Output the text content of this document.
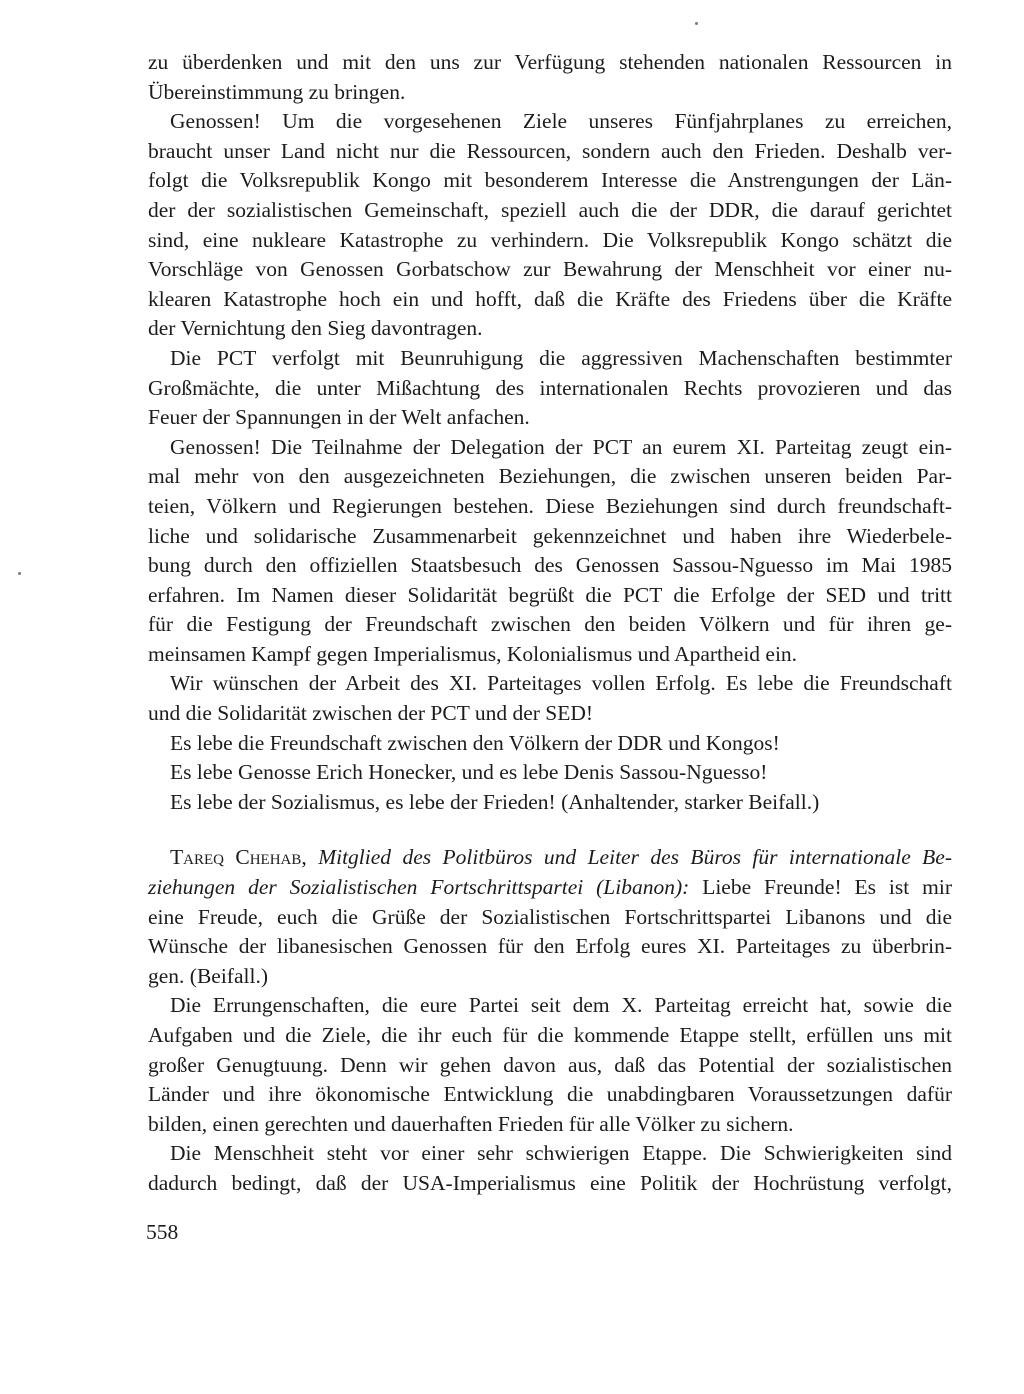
zu überdenken und mit den uns zur Verfügung stehenden nationalen Ressourcen in
Übereinstimmung zu bringen.
Genossen! Um die vorgesehenen Ziele unseres Fünfjahrplanes zu erreichen,
braucht unser Land nicht nur die Ressourcen, sondern auch den Frieden. Deshalb ver-
folgt die Volksrepublik Kongo mit besonderem Interesse die Anstrengungen der Län-
der der sozialistischen Gemeinschaft, speziell auch die der DDR, die darauf gerichtet
sind, eine nukleare Katastrophe zu verhindern. Die Volksrepublik Kongo schätzt die
Vorschläge von Genossen Gorbatschow zur Bewahrung der Menschheit vor einer nu-
klearen Katastrophe hoch ein und hofft, daß die Kräfte des Friedens über die Kräfte
der Vernichtung den Sieg davontragen.
Die PCT verfolgt mit Beunruhigung die aggressiven Machenschaften bestimmter
Großmächte, die unter Mißachtung des internationalen Rechts provozieren und das
Feuer der Spannungen in der Welt anfachen.
Genossen! Die Teilnahme der Delegation der PCT an eurem XI. Parteitag zeugt ein-
mal mehr von den ausgezeichneten Beziehungen, die zwischen unseren beiden Par-
teien, Völkern und Regierungen bestehen. Diese Beziehungen sind durch freundschaft-
liche und solidarische Zusammenarbeit gekennzeichnet und haben ihre Wiederbele-
bung durch den offiziellen Staatsbesuch des Genossen Sassou-Nguesso im Mai 1985
erfahren. Im Namen dieser Solidarität begrüßt die PCT die Erfolge der SED und tritt
für die Festigung der Freundschaft zwischen den beiden Völkern und für ihren ge-
meinsamen Kampf gegen Imperialismus, Kolonialismus und Apartheid ein.
Wir wünschen der Arbeit des XI. Parteitages vollen Erfolg. Es lebe die Freundschaft
und die Solidarität zwischen der PCT und der SED!
Es lebe die Freundschaft zwischen den Völkern der DDR und Kongos!
Es lebe Genosse Erich Honecker, und es lebe Denis Sassou-Nguesso!
Es lebe der Sozialismus, es lebe der Frieden! (Anhaltender, starker Beifall.)
Tareq Chehab, Mitglied des Politbüros und Leiter des Büros für internationale Be-
ziehungen der Sozialistischen Fortschrittspartei (Libanon): Liebe Freunde! Es ist mir
eine Freude, euch die Grüße der Sozialistischen Fortschrittspartei Libanons und die
Wünsche der libanesischen Genossen für den Erfolg eures XI. Parteitages zu überbrin-
gen. (Beifall.)
Die Errungenschaften, die eure Partei seit dem X. Parteitag erreicht hat, sowie die
Aufgaben und die Ziele, die ihr euch für die kommende Etappe stellt, erfüllen uns mit
großer Genugtuung. Denn wir gehen davon aus, daß das Potential der sozialistischen
Länder und ihre ökonomische Entwicklung die unabdingbaren Voraussetzungen dafür
bilden, einen gerechten und dauerhaften Frieden für alle Völker zu sichern.
Die Menschheit steht vor einer sehr schwierigen Etappe. Die Schwierigkeiten sind
dadurch bedingt, daß der USA-Imperialismus eine Politik der Hochrüstung verfolgt,
558
